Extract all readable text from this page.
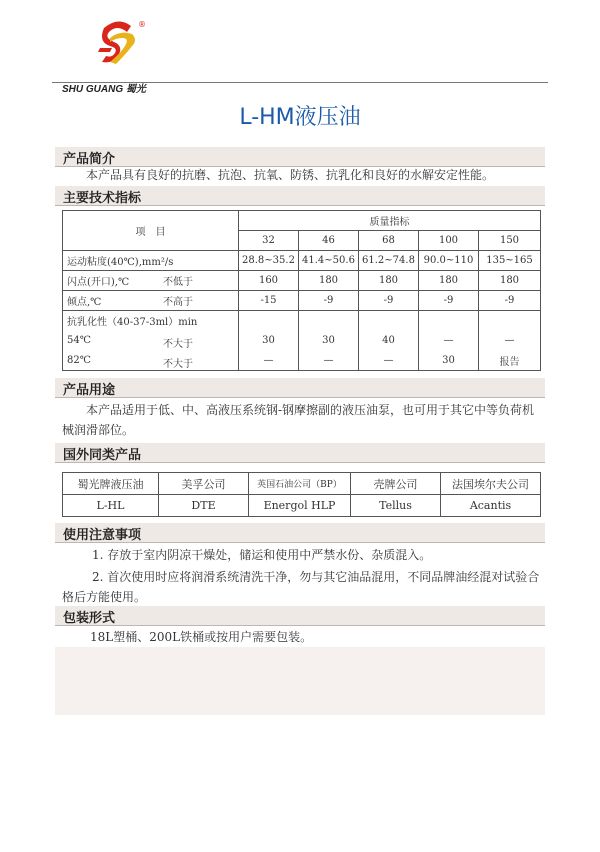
®
SHU GUANG 蜀光
L-HM液压油
产品简介
本产品具有良好的抗磨、抗泡、抗氧、防锈、抗乳化和良好的水解安定性能。
主要技术指标
项　目	质量指标				
	32	46	68	100	150
运动粘度(40℃),mm²/s	28.8~35.2	41.4~50.6	61.2~74.8	90.0~110	135~165
闪点(开口),℃ 不低于	160	180	180	180	180
倾点,℃ 不高于	-15	-9	-9	-9	-9
抗乳化性（40-37-3ml）min					
54℃ 不大于	30	30	40	—	—
82℃ 不大于	—	—	—	30	报告
产品用途
本产品适用于低、中、高液压系统钢-钢摩擦副的液压油泵，也可用于其它中等负荷机械润滑部位。
国外同类产品
蜀光牌液压油	美孚公司	英国石油公司（BP）	壳牌公司	法国埃尔夫公司
L-HL	DTE	Energol HLP	Tellus	Acantis
使用注意事项
1. 存放于室内阴凉干燥处，储运和使用中严禁水份、杂质混入。
2. 首次使用时应将润滑系统清洗干净，勿与其它油品混用，不同品牌油经混对试验合格后方能使用。
包装形式
18L塑桶、200L铁桶或按用户需要包装。
